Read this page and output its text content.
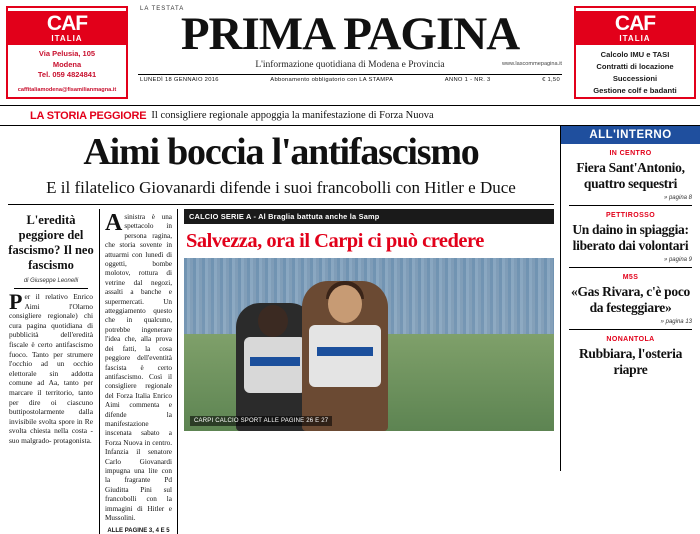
CAF
ITALIA
Via Pelusia, 105
Modena
Tel. 059 4824841
caffitaliamodena@fisamilianmagna.it
LA TESTATA
PRIMA PAGINA
L'informazione quotidiana di Modena e Provincia	www.lascommepagina.it
LUNEDÌ 18 GENNAIO 2016	Abbonamento obbligatorio con LA STAMPA	ANNO 1 - NR. 3	€ 1,50
CAF
ITALIA
Calcolo IMU e TASI
Contratti di locazione
Successioni
Gestione colf e badanti
LA STORIA PEGGIORE Il consigliere regionale appoggia la manifestazione di Forza Nuova
Aimi boccia l'antifascismo
E il filatelico Giovanardi difende i suoi francobolli con Hitler e Duce
L'eredità peggiore del fascismo? Il neo fascismo
di Giuseppe Leonelli
Per il relativo Enrico Aimi l'Olarno consigliere regionale) chi cura pagina quotidiana di pubblicità dell'eredità fiscale è certo antifascismo fuoco. Tanto per strumere l'occhio ad un occhio elettorale sin addotta comune ad Aa, tanto per marcare il territorio, tanto per dire oi ciascuno buttipostolarmente dalla invisibile svolta spore in Re svolta chiesta nella costa - suo malgrado- protagonista.
Asinistra è una spettacolo in persona ragina, che storia sovente in attuarmi con lunedì di oggetti, bombe molotov, rottura di vetrine dal negozi, assalti a banche e supermercati. Un atteggiamento questo che in qualcuno, potrebbe ingenerare l'idea che, alla prova dei fatti, la cosa peggiore dell'eventità fascista è certo antifascismo. Così il consigliere regionale del Forza Italia Enrico Aimi commenta e difende la manifestazione inscenata sabato a Forza Nuova in centro. Infanzia il senatore Carlo Giovanardi impugna una lite con la fragrante Pd Giuditta Pini sul francobolli con la immagini di Hitler e Mussolini.
ALLE PAGINE 3, 4 E 5
CALCIO SERIE A - Al Braglia battuta anche la Samp
Salvezza, ora il Carpi ci può credere
CARPI CALCIO SPORT ALLE PAGINE 26 E 27
ALL'INTERNO
IN CENTRO
Fiera Sant'Antonio, quattro sequestri
» pagina 8
PETTIROSSO
Un daino in spiaggia: liberato dai volontari
» pagina 9
M5S
«Gas Rivara, c'è poco da festeggiare»
» pagina 13
NONANTOLA
Rubbiara, l'osteria riapre
